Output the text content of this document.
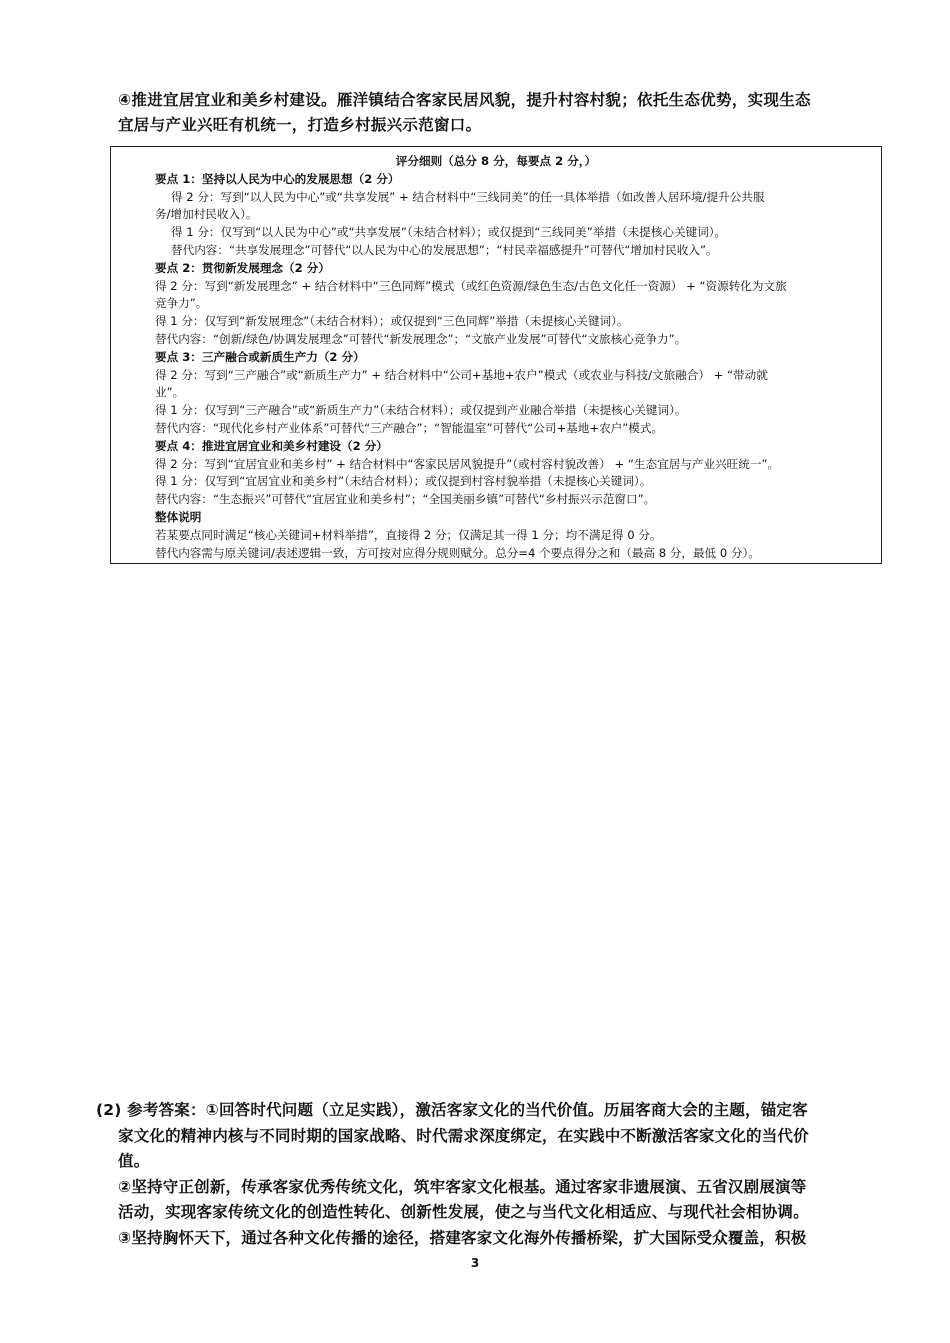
④推进宜居宜业和美乡村建设。雁洋镇结合客家民居风貌，提升村容村貌；依托生态优势，实现生态

宜居与产业兴旺有机统一，打造乡村振兴示范窗口。

评分细则（总分 8 分，每要点 2 分，）

要点 1：坚持以人民为中心的发展思想（2 分）

得 2 分：写到“以人民为中心”或“共享发展” + 结合材料中“三线同美”的任一具体举措（如改善人居环境/提升公共服

务/增加村民收入）。

得 1 分：仅写到“以人民为中心”或“共享发展”（未结合材料）；或仅提到“三线同美”举措（未提核心关键词）。

替代内容：“共享发展理念”可替代“以人民为中心的发展思想”；“村民幸福感提升”可替代“增加村民收入”。

要点 2：贯彻新发展理念（2 分）

得 2 分：写到“新发展理念” + 结合材料中“三色同辉”模式（或红色资源/绿色生态/古色文化任一资源） + “资源转化为文旅

竞争力”。

得 1 分：仅写到“新发展理念”（未结合材料）；或仅提到“三色同辉”举措（未提核心关键词）。

替代内容：“创新/绿色/协调发展理念”可替代“新发展理念”；“文旅产业发展”可替代“文旅核心竞争力”。

要点 3：三产融合或新质生产力（2 分）

得 2 分：写到“三产融合”或“新质生产力” + 结合材料中“公司+基地+农户”模式（或农业与科技/文旅融合） + “带动就

业”。

得 1 分：仅写到“三产融合”或“新质生产力”（未结合材料）；或仅提到产业融合举措（未提核心关键词）。

替代内容：“现代化乡村产业体系”可替代“三产融合”；“智能温室”可替代“公司+基地+农户”模式。

要点 4：推进宜居宜业和美乡村建设（2 分）

得 2 分：写到“宜居宜业和美乡村” + 结合材料中“客家民居风貌提升”（或村容村貌改善） + “生态宜居与产业兴旺统一”。

得 1 分：仅写到“宜居宜业和美乡村”（未结合材料）；或仅提到村容村貌举措（未提核心关键词）。

替代内容：“生态振兴”可替代“宜居宜业和美乡村”；“全国美丽乡镇”可替代“乡村振兴示范窗口”。

整体说明

若某要点同时满足“核心关键词+材料举措”，直接得 2 分；仅满足其一得 1 分；均不满足得 0 分。

替代内容需与原关键词/表述逻辑一致，方可按对应得分规则赋分。总分=4 个要点得分之和（最高 8 分，最低 0 分）。

(2) 参考答案：①回答时代问题（立足实践），激活客家文化的当代价值。历届客商大会的主题，锚定客

家文化的精神内核与不同时期的国家战略、时代需求深度绑定，在实践中不断激活客家文化的当代价

值。

②坚持守正创新，传承客家优秀传统文化，筑牢客家文化根基。通过客家非遗展演、五省汉剧展演等

活动，实现客家传统文化的创造性转化、创新性发展，使之与当代文化相适应、与现代社会相协调。

③坚持胸怀天下，通过各种文化传播的途径，搭建客家文化海外传播桥梁，扩大国际受众覆盖，积极

3
